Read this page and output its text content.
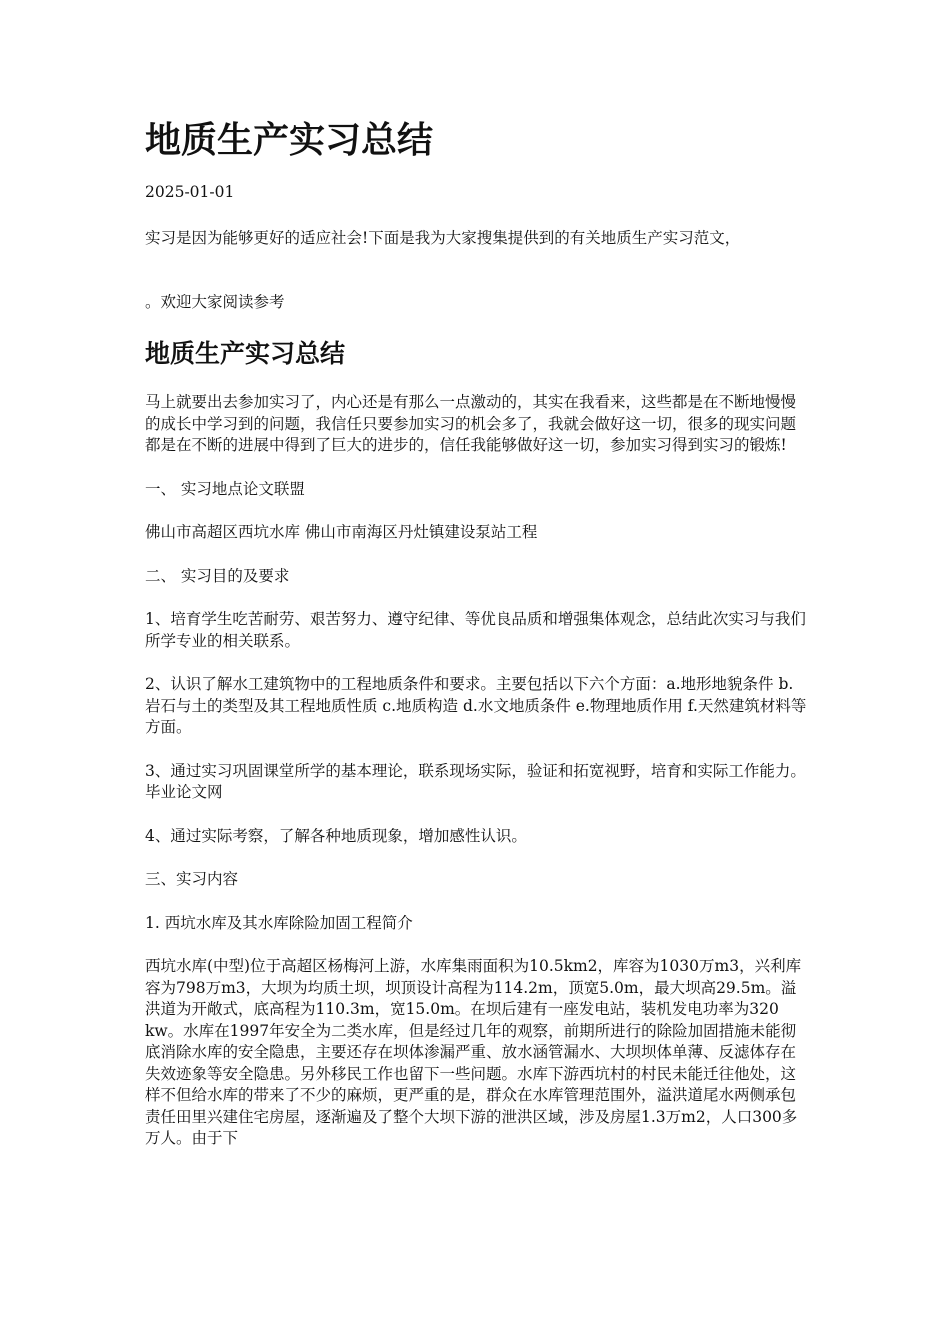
地质生产实习总结

2025-01-01

实习是因为能够更好的适应社会!下面是我为大家搜集提供到的有关地质生产实习范文，

。欢迎大家阅读参考

地质生产实习总结

马上就要出去参加实习了，内心还是有那么一点激动的，其实在我看来，这些都是在不断地慢慢的成长中学习到的问题，我信任只要参加实习的机会多了，我就会做好这一切，很多的现实问题都是在不断的进展中得到了巨大的进步的，信任我能够做好这一切，参加实习得到实习的锻炼!

一、 实习地点论文联盟

佛山市高超区西坑水库 佛山市南海区丹灶镇建设泵站工程

二、 实习目的及要求

1、培育学生吃苦耐劳、艰苦努力、遵守纪律、等优良品质和增强集体观念，总结此次实习与我们所学专业的相关联系。

2、认识了解水工建筑物中的工程地质条件和要求。主要包括以下六个方面：a.地形地貌条件 b. 岩石与土的类型及其工程地质性质 c.地质构造 d.水文地质条件 e.物理地质作用 f.天然建筑材料等方面。

3、通过实习巩固课堂所学的基本理论，联系现场实际，验证和拓宽视野，培育和实际工作能力。 毕业论文网

4、通过实际考察，了解各种地质现象，增加感性认识。

三、实习内容

1. 西坑水库及其水库除险加固工程简介

西坑水库(中型)位于高超区杨梅河上游，水库集雨面积为10.5km2，库容为1030万m3，兴利库容为798万m3，大坝为均质土坝，坝顶设计高程为114.2m，顶宽5.0m，最大坝高29.5m。溢洪道为开敞式，底高程为110.3m，宽15.0m。在坝后建有一座发电站，装机发电功率为320 kw。水库在1997年安全为二类水库，但是经过几年的观察，前期所进行的除险加固措施未能彻底消除水库的安全隐患，主要还存在坝体渗漏严重、放水涵管漏水、大坝坝体单薄、反滤体存在失效迹象等安全隐患。另外移民工作也留下一些问题。水库下游西坑村的村民未能迁往他处，这样不但给水库的带来了不少的麻烦，更严重的是，群众在水库管理范围外，溢洪道尾水两侧承包责任田里兴建住宅房屋，逐渐遍及了整个大坝下游的泄洪区域，涉及房屋1.3万m2，人口300多万人。由于下
